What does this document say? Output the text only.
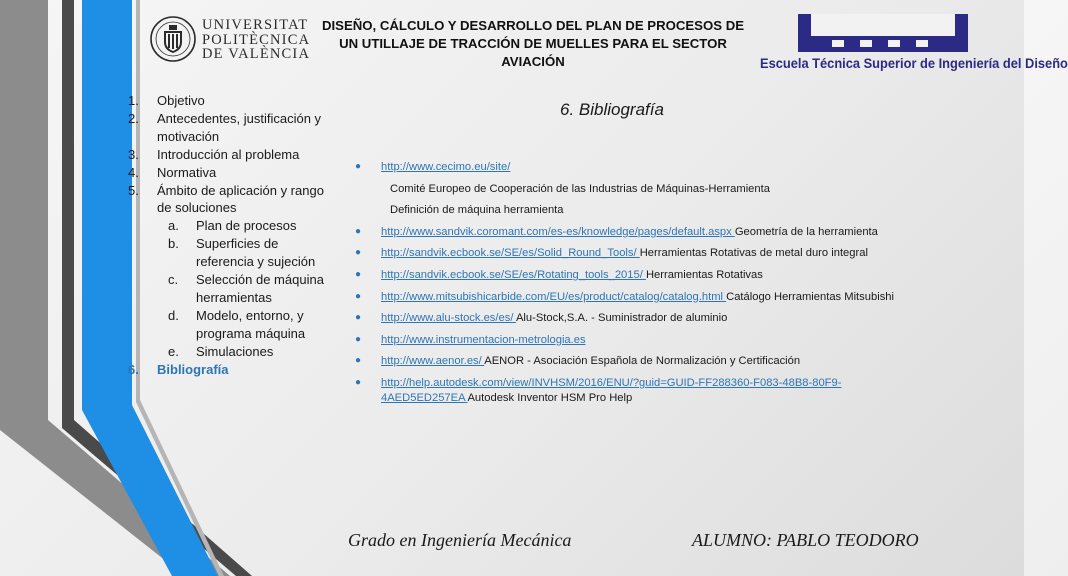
UNIVERSITAT
POLITÈCNICA
DE VALÈNCIA
DISEÑO, CÁLCULO Y DESARROLLO DEL PLAN DE PROCESOS DE UN UTILLAJE DE TRACCIÓN DE MUELLES PARA EL SECTOR AVIACIÓN	Escuela Técnica Superior de Ingeniería del Diseño
1. Objetivo
2. Antecedentes, justificación y motivación
3. Introducción al problema
4. Normativa
5. Ámbito de aplicación y rango de soluciones
a. Plan de procesos
b. Superficies de referencia y sujeción
c. Selección de máquina herramientas
d. Modelo, entorno, y programa máquina
e. Simulaciones
6. Bibliografía
6. Bibliografía
●	http://www.cecimo.eu/site/
Comité Europeo de Cooperación de las Industrias de Máquinas-Herramienta
Definición de máquina herramienta
●	http://www.sandvik.coromant.com/es-es/knowledge/pages/default.aspx Geometría de la herramienta
●	http://sandvik.ecbook.se/SE/es/Solid_Round_Tools/ Herramientas Rotativas de metal duro integral
●	http://sandvik.ecbook.se/SE/es/Rotating_tools_2015/ Herramientas Rotativas
●	http://www.mitsubishicarbide.com/EU/es/product/catalog/catalog.html Catálogo Herramientas Mitsubishi
●	http://www.alu-stock.es/es/ Alu-Stock,S.A. - Suministrador de aluminio
●	http://www.instrumentacion-metrologia.es
●	http://www.aenor.es/ AENOR - Asociación Española de Normalización y Certificación
●	http://help.autodesk.com/view/INVHSM/2016/ENU/?guid=GUID-FF288360-F083-48B8-80F9-4AED5ED257EA Autodesk Inventor HSM Pro Help
Grado en Ingeniería Mecánica	ALUMNO: PABLO TEODORO
